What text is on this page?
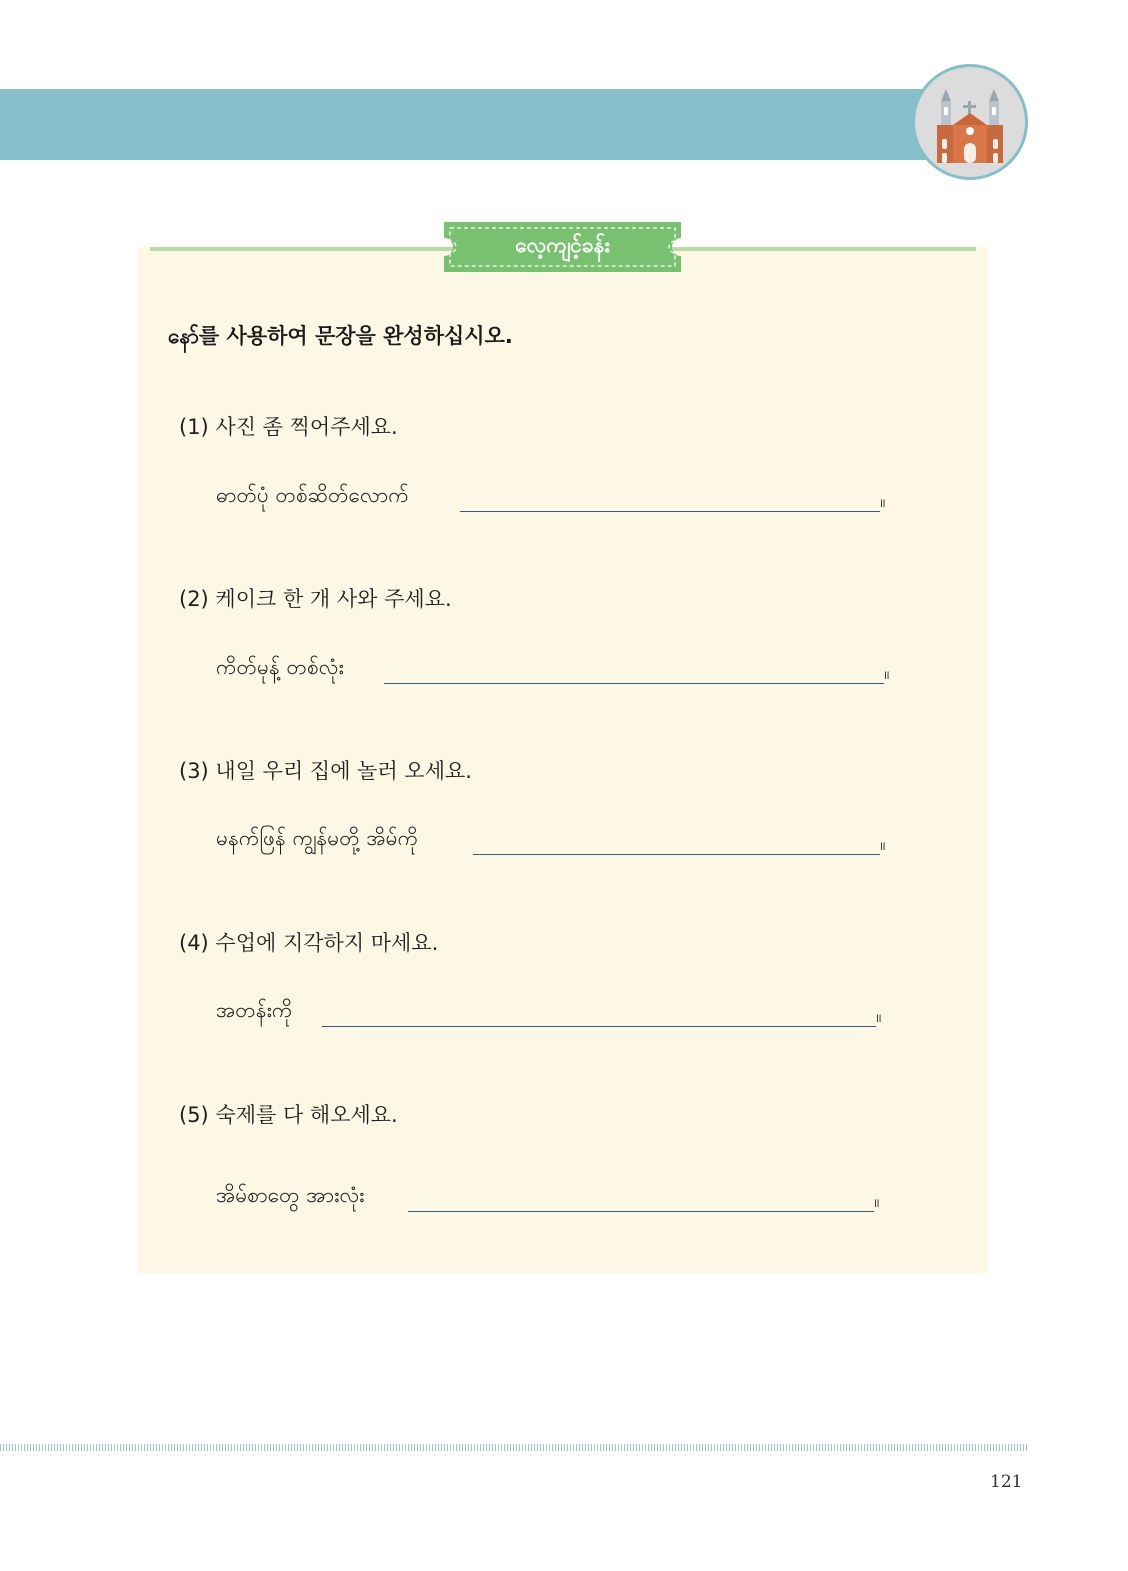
လေ့ကျင့်ခန်း
နော်를 사용하여 문장을 완성하십시오.
(1) 사진 좀 찍어주세요.
ဓာတ်ပုံ တစ်ဆိတ်လောက်	။
(2) 케이크 한 개 사와 주세요.
ကိတ်မုန့် တစ်လုံး	။
(3) 내일 우리 집에 놀러 오세요.
မနက်ဖြန် ကျွန်မတို့ အိမ်ကို	။
(4) 수업에 지각하지 마세요.
အတန်းကို	။
(5) 숙제를 다 해오세요.
အိမ်စာတွေ အားလုံး	။
121
